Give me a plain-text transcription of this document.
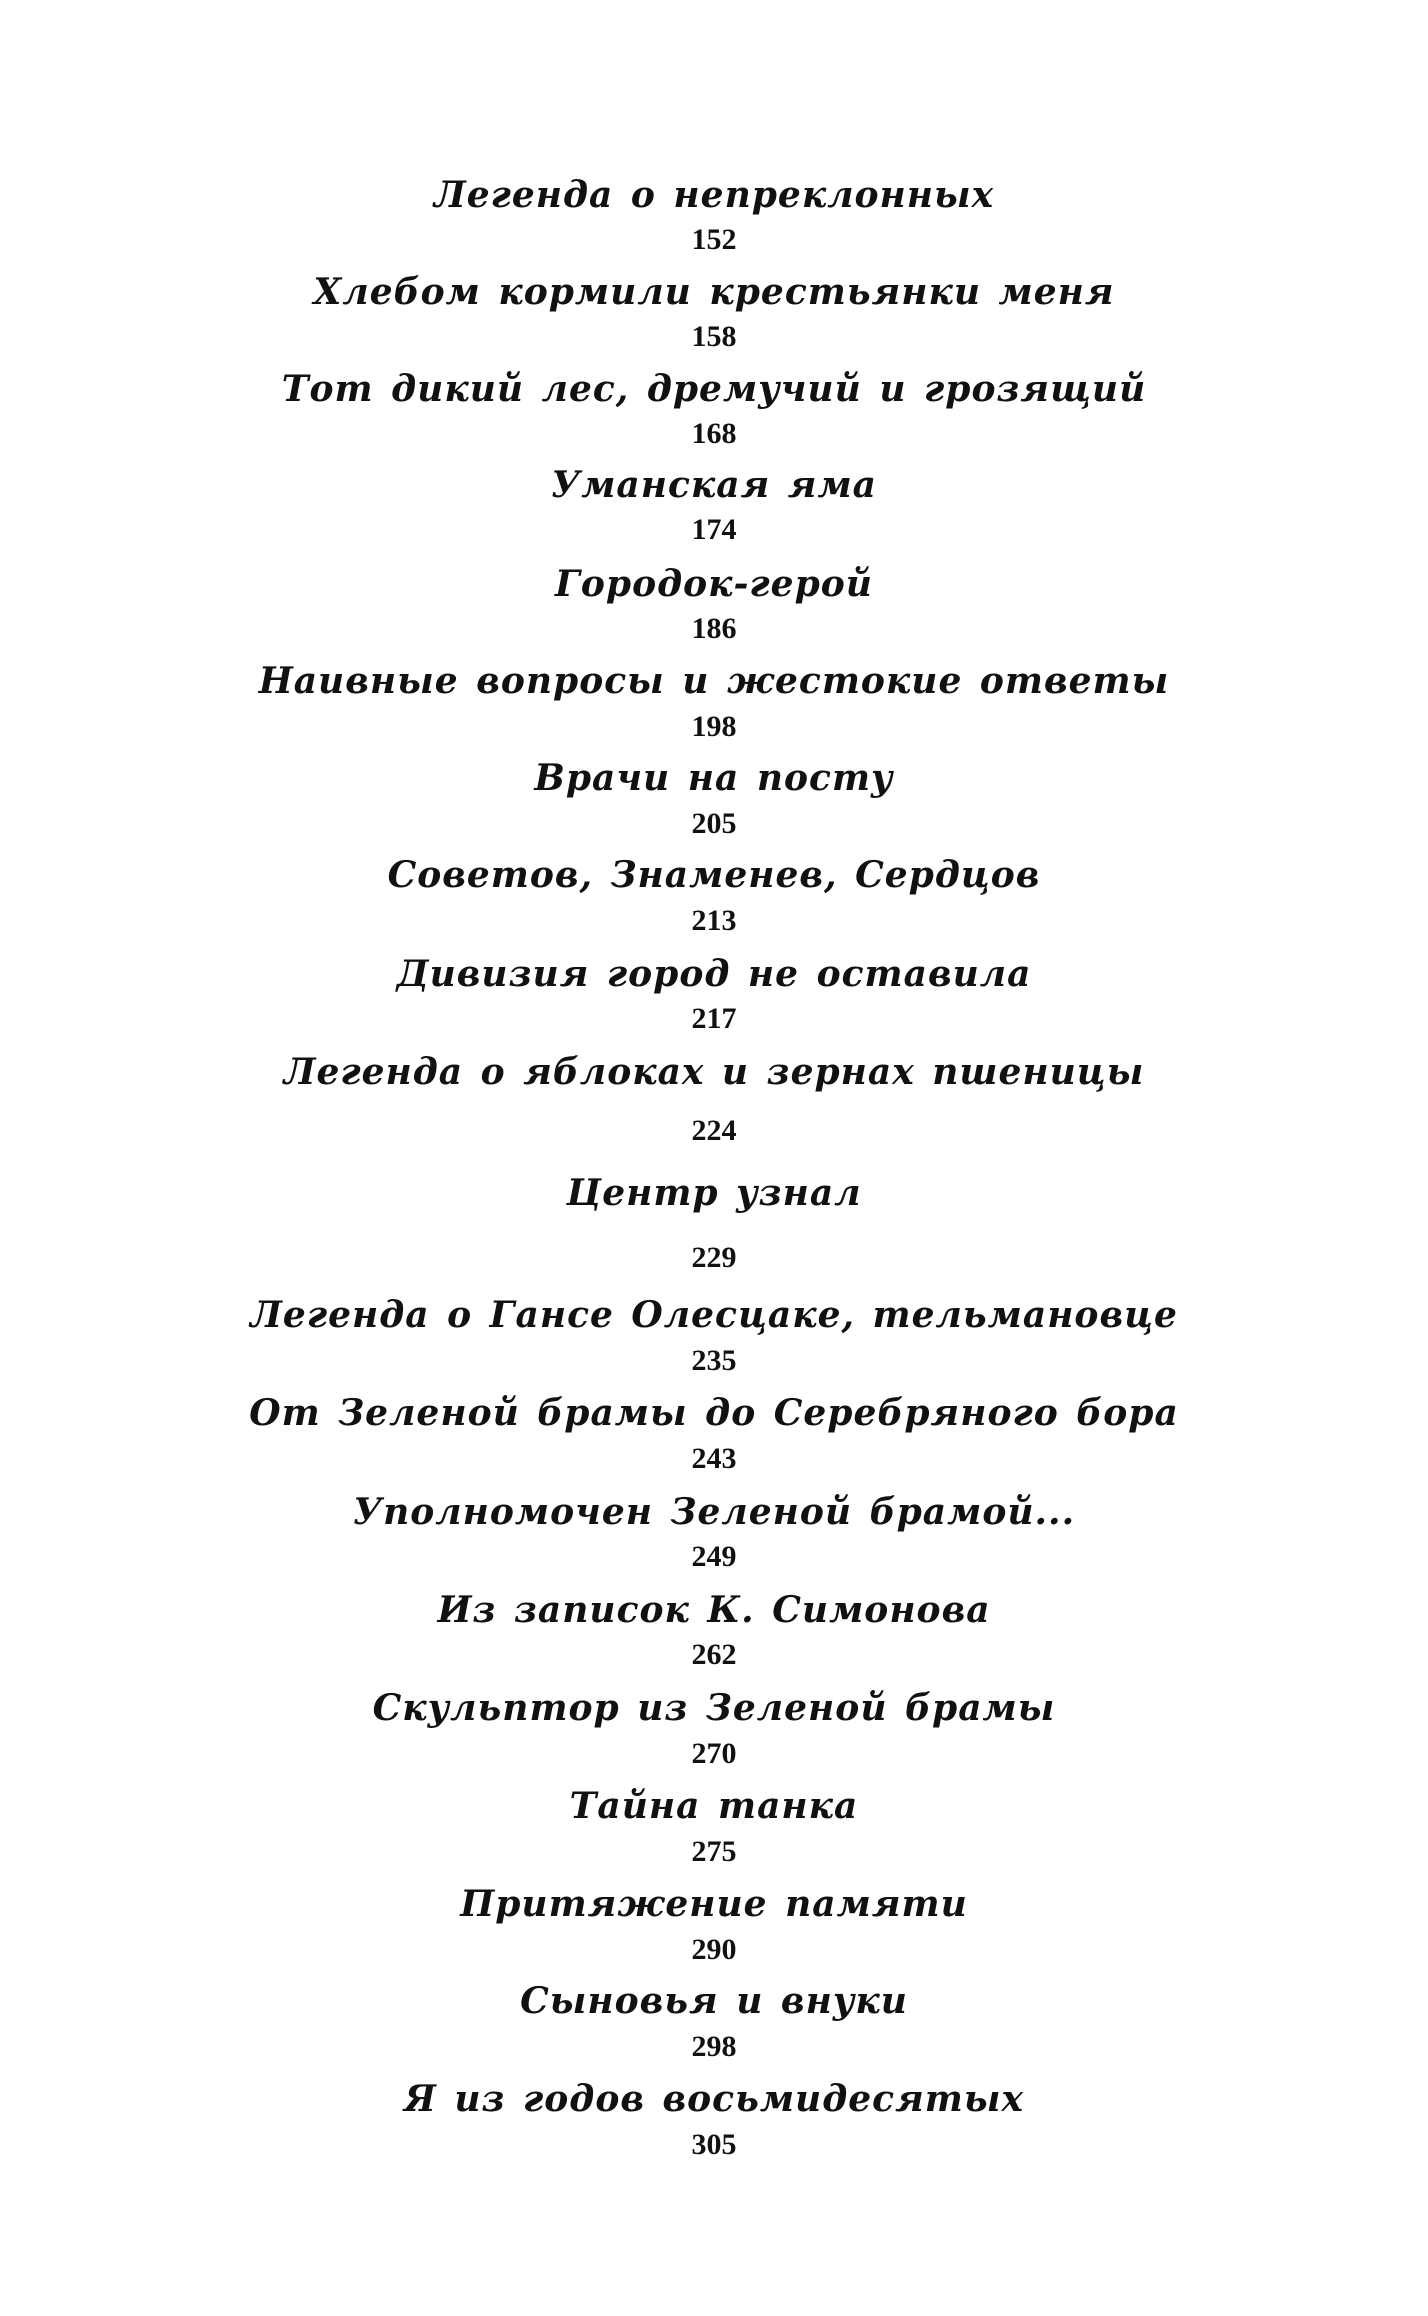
Легенда о непреклонных
152
Хлебом кормили крестьянки меня
158
Тот дикий лес, дремучий и грозящий
168
Уманская яма
174
Городок-герой
186
Наивные вопросы и жестокие ответы
198
Врачи на посту
205
Советов, Знаменев, Сердцов
213
Дивизия город не оставила
217
Легенда о яблоках и зернах пшеницы
224
Центр узнал
229
Легенда о Гансе Олесцаке, тельмановце
235
От Зеленой брамы до Серебряного бора
243
Уполномочен Зеленой брамой...
249
Из записок К. Симонова
262
Скульптор из Зеленой брамы
270
Тайна танка
275
Притяжение памяти
290
Сыновья и внуки
298
Я из годов восьмидесятых
305
